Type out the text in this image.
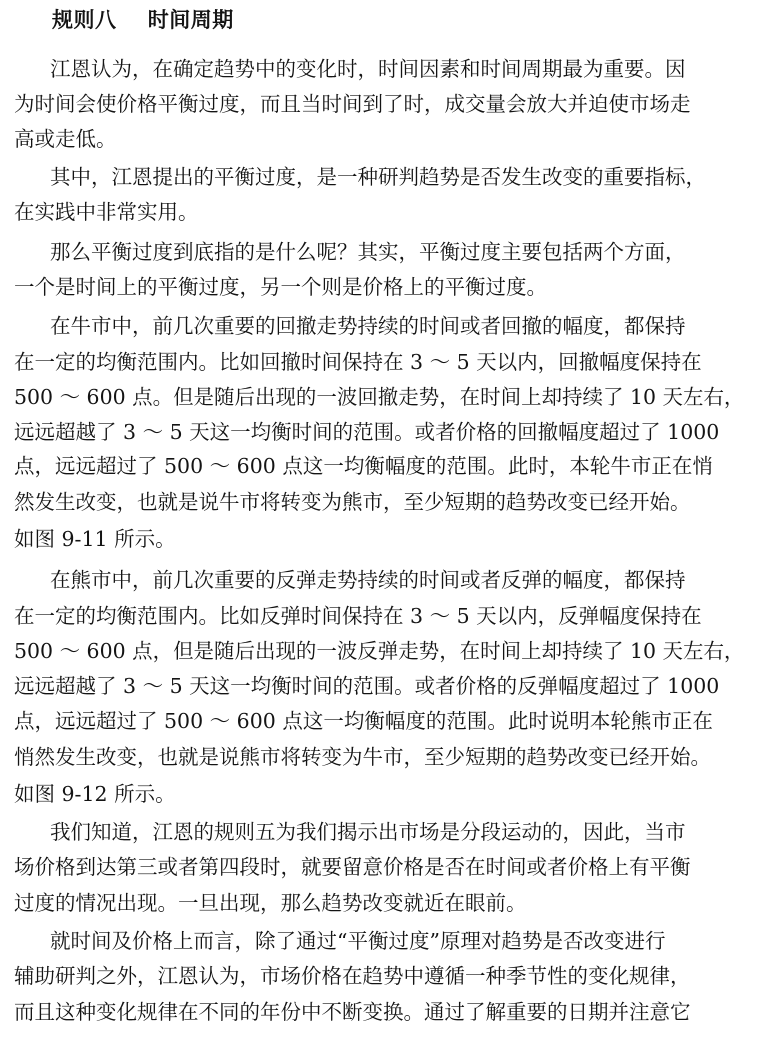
规则八    时间周期
江恩认为，在确定趋势中的变化时，时间因素和时间周期最为重要。因
为时间会使价格平衡过度，而且当时间到了时，成交量会放大并迫使市场走
高或走低。
其中，江恩提出的平衡过度，是一种研判趋势是否发生改变的重要指标，
在实践中非常实用。
那么平衡过度到底指的是什么呢？其实，平衡过度主要包括两个方面，
一个是时间上的平衡过度，另一个则是价格上的平衡过度。
在牛市中，前几次重要的回撤走势持续的时间或者回撤的幅度，都保持
在一定的均衡范围内。比如回撤时间保持在 3 ～ 5 天以内，回撤幅度保持在
500 ～ 600 点。但是随后出现的一波回撤走势，在时间上却持续了 10 天左右，
远远超越了 3 ～ 5 天这一均衡时间的范围。或者价格的回撤幅度超过了 1000
点，远远超过了 500 ～ 600 点这一均衡幅度的范围。此时，本轮牛市正在悄
然发生改变，也就是说牛市将转变为熊市，至少短期的趋势改变已经开始。
如图 9-11 所示。
在熊市中，前几次重要的反弹走势持续的时间或者反弹的幅度，都保持
在一定的均衡范围内。比如反弹时间保持在 3 ～ 5 天以内，反弹幅度保持在
500 ～ 600 点，但是随后出现的一波反弹走势，在时间上却持续了 10 天左右，
远远超越了 3 ～ 5 天这一均衡时间的范围。或者价格的反弹幅度超过了 1000
点，远远超过了 500 ～ 600 点这一均衡幅度的范围。此时说明本轮熊市正在
悄然发生改变，也就是说熊市将转变为牛市，至少短期的趋势改变已经开始。
如图 9-12 所示。
我们知道，江恩的规则五为我们揭示出市场是分段运动的，因此，当市
场价格到达第三或者第四段时，就要留意价格是否在时间或者价格上有平衡
过度的情况出现。一旦出现，那么趋势改变就近在眼前。
就时间及价格上而言，除了通过“平衡过度”原理对趋势是否改变进行
辅助研判之外，江恩认为，市场价格在趋势中遵循一种季节性的变化规律，
而且这种变化规律在不同的年份中不断变换。通过了解重要的日期并注意它
